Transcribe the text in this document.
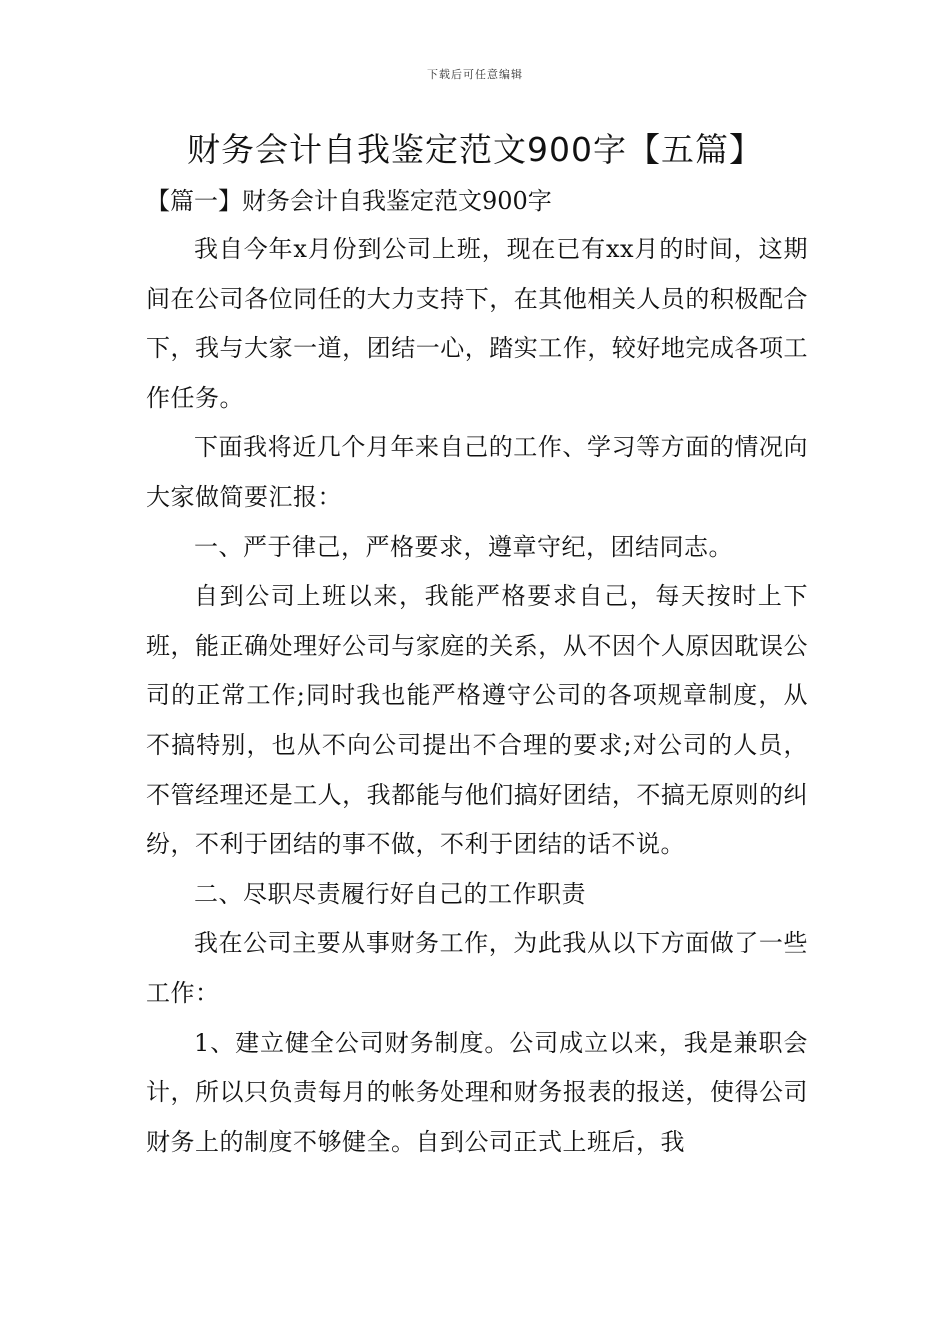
下载后可任意编辑
财务会计自我鉴定范文900字【五篇】
【篇一】财务会计自我鉴定范文900字

我自今年x月份到公司上班，现在已有xx月的时间，这期间在公司各位同任的大力支持下，在其他相关人员的积极配合下，我与大家一道，团结一心，踏实工作，较好地完成各项工作任务。

下面我将近几个月年来自己的工作、学习等方面的情况向大家做简要汇报：

一、严于律己，严格要求，遵章守纪，团结同志。

自到公司上班以来，我能严格要求自己，每天按时上下班，能正确处理好公司与家庭的关系，从不因个人原因耽误公司的正常工作;同时我也能严格遵守公司的各项规章制度，从不搞特别，也从不向公司提出不合理的要求;对公司的人员，不管经理还是工人，我都能与他们搞好团结，不搞无原则的纠纷，不利于团结的事不做，不利于团结的话不说。

二、尽职尽责履行好自己的工作职责

我在公司主要从事财务工作，为此我从以下方面做了一些工作：

1、建立健全公司财务制度。公司成立以来，我是兼职会计，所以只负责每月的帐务处理和财务报表的报送，使得公司财务上的制度不够健全。自到公司正式上班后，我
